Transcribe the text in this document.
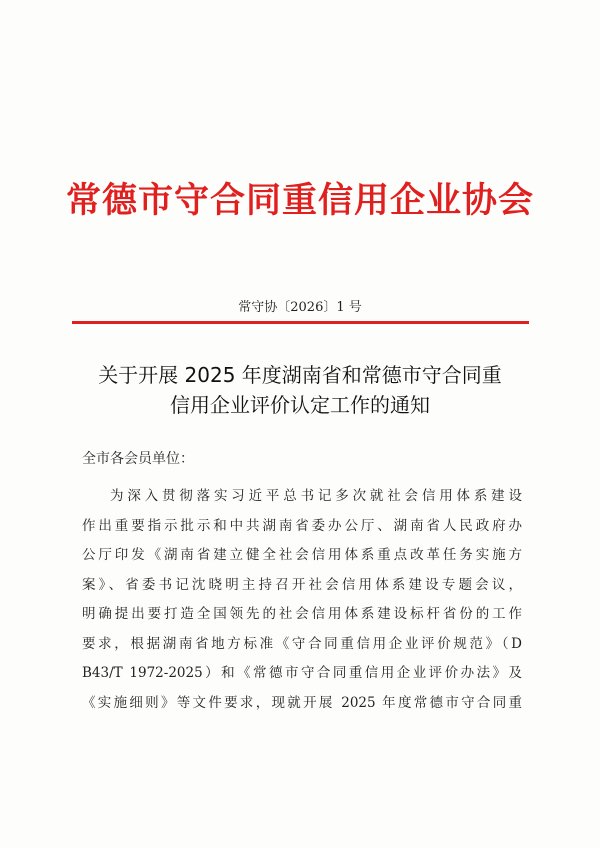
常德市守合同重信用企业协会
常守协〔2026〕1 号
关于开展 2025 年度湖南省和常德市守合同重
信用企业评价认定工作的通知
全市各会员单位：
为深入贯彻落实习近平总书记多次就社会信用体系建设
作出重要指示批示和中共湖南省委办公厅、湖南省人民政府办
公厅印发《湖南省建立健全社会信用体系重点改革任务实施方
案》、省委书记沈晓明主持召开社会信用体系建设专题会议，
明确提出要打造全国领先的社会信用体系建设标杆省份的工作
要求，根据湖南省地方标准《守合同重信用企业评价规范》（D
B43/T 1972-2025）和《常德市守合同重信用企业评价办法》及
《实施细则》等文件要求，现就开展 2025 年度常德市守合同重
